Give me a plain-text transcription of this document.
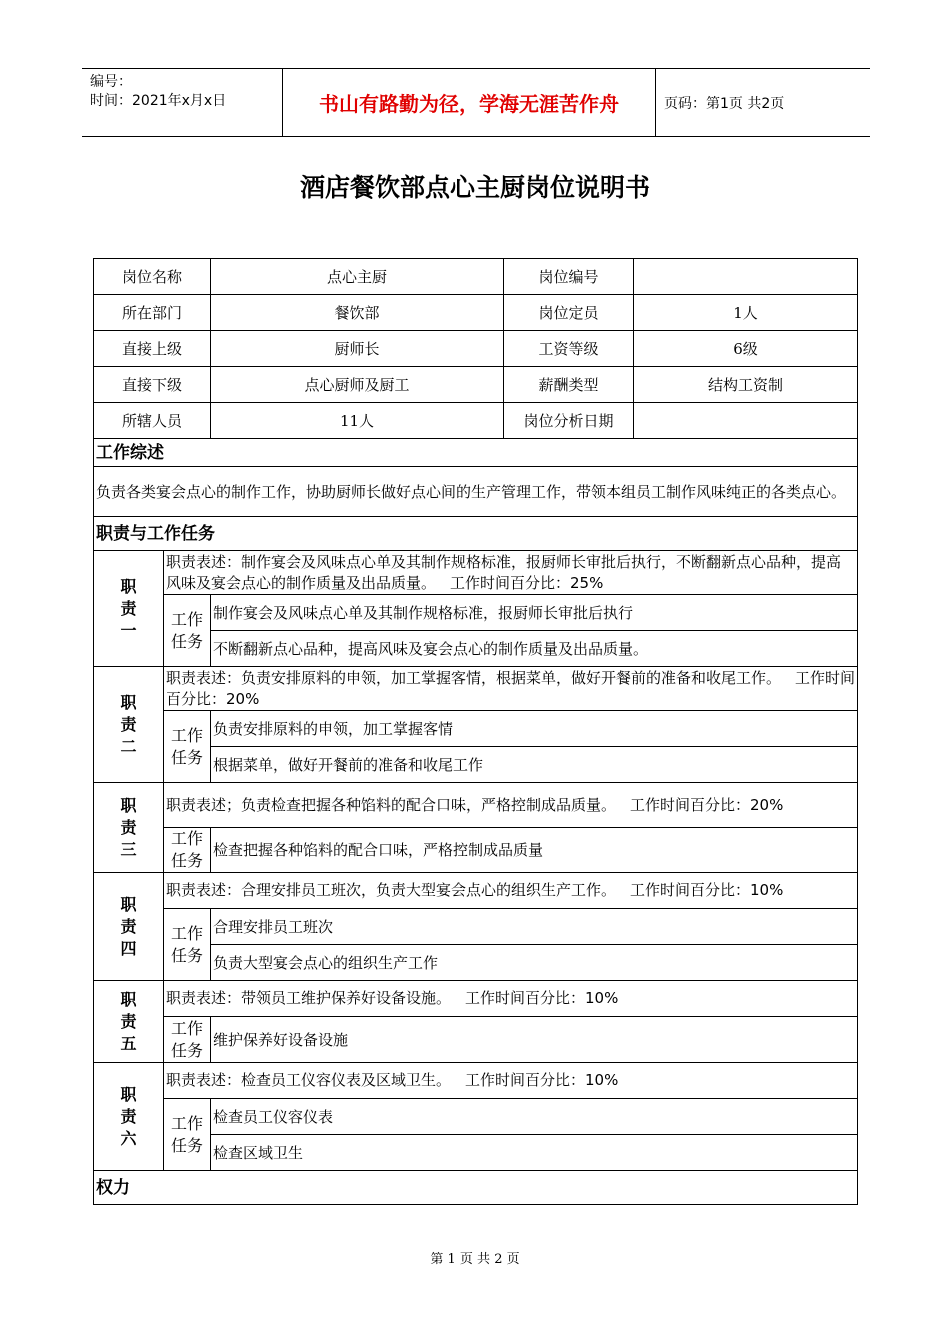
编号：
时间：2021年x月x日	书山有路勤为径，学海无涯苦作舟	页码：第1页 共2页
酒店餐饮部点心主厨岗位说明书
岗位名称		点心主厨	岗位编号	
所在部门		餐饮部	岗位定员	1人
直接上级		厨师长	工资等级	6级
直接下级		点心厨师及厨工	薪酬类型	结构工资制
所辖人员		11人	岗位分析日期	
工作综述				
负责各类宴会点心的制作工作，协助厨师长做好点心间的生产管理工作，带领本组员工制作风味纯正的各类点心。				
职责与工作任务				

职责一	职责表述：制作宴会及风味点心单及其制作规格标准，报厨师长审批后执行，不断翻新点心品种，提高风味及宴会点心的制作质量及出品质量。 工作时间百分比：25%			

	工作任务	制作宴会及风味点心单及其制作规格标准，报厨师长审批后执行		
		不断翻新点心品种，提高风味及宴会点心的制作质量及出品质量。		

职责二	职责表述：负责安排原料的申领，加工掌握客情，根据菜单，做好开餐前的准备和收尾工作。 工作时间百分比：20%			

	工作任务	负责安排原料的申领，加工掌握客情		
		根据菜单，做好开餐前的准备和收尾工作		

职责三	职责表述；负责检查把握各种馅料的配合口味，严格控制成品质量。 工作时间百分比：20%			

	工作任务	检查把握各种馅料的配合口味，严格控制成品质量		

职责四	职责表述：合理安排员工班次，负责大型宴会点心的组织生产工作。 工作时间百分比：10%			

	工作任务	合理安排员工班次		
		负责大型宴会点心的组织生产工作		

职责五	职责表述：带领员工维护保养好设备设施。 工作时间百分比：10%			

	工作任务	维护保养好设备设施		

职责六	职责表述：检查员工仪容仪表及区域卫生。 工作时间百分比：10%			

	工作任务	检查员工仪容仪表		
		检查区域卫生		
权力				
第 1 页 共 2 页
